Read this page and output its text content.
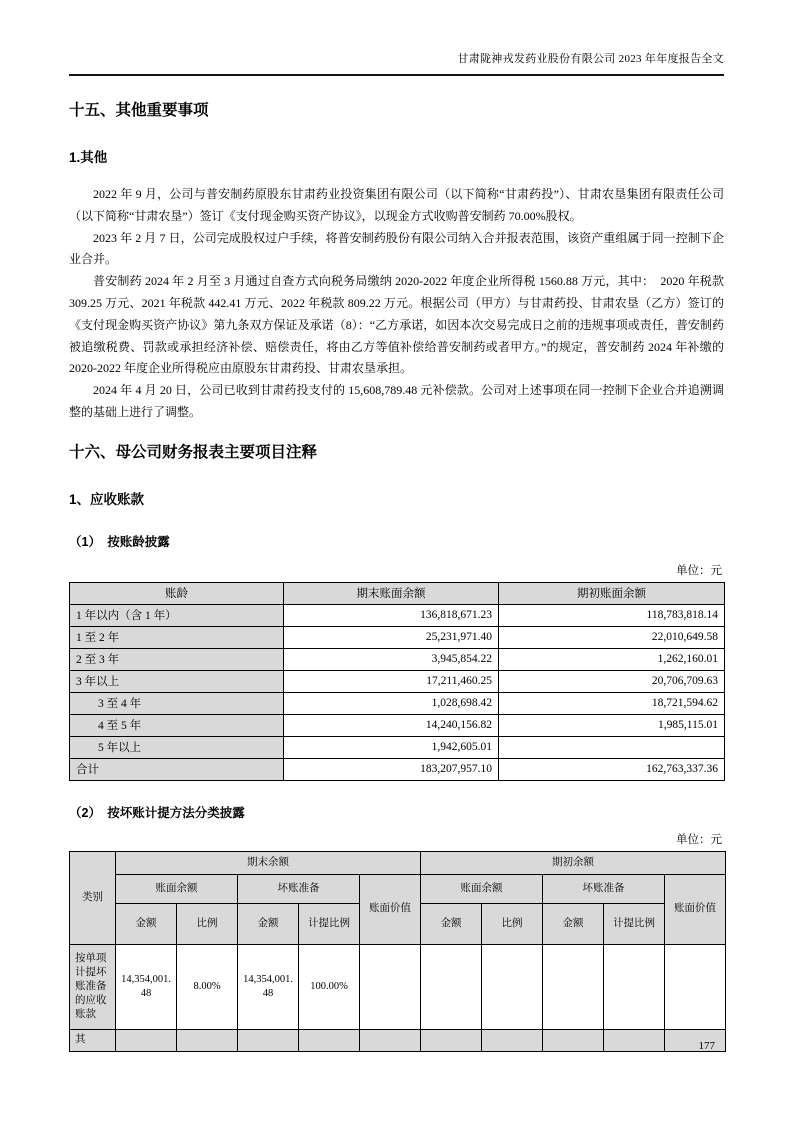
甘肃陇神戎发药业股份有限公司 2023 年年度报告全文
十五、其他重要事项
1.其他

2022 年 9 月，公司与普安制药原股东甘肃药业投资集团有限公司（以下简称“甘肃药投”）、甘肃农垦集团有限责任公司（以下简称“甘肃农垦”）签订《支付现金购买资产协议》，以现金方式收购普安制药 70.00%股权。

2023 年 2 月 7 日，公司完成股权过户手续，将普安制药股份有限公司纳入合并报表范围，该资产重组属于同一控制下企业合并。

普安制药 2024 年 2 月至 3 月通过自查方式向税务局缴纳 2020-2022 年度企业所得税 1560.88 万元，其中：　2020 年税款 309.25 万元、2021 年税款 442.41 万元、2022 年税款 809.22 万元。根据公司（甲方）与甘肃药投、甘肃农垦（乙方）签订的《支付现金购买资产协议》第九条双方保证及承诺（8）：“乙方承诺，如因本次交易完成日之前的违规事项或责任，普安制药被追缴税费、罚款或承担经济补偿、赔偿责任，将由乙方等值补偿给普安制药或者甲方。”的规定，普安制药 2024 年补缴的 2020-2022 年度企业所得税应由原股东甘肃药投、甘肃农垦承担。

2024 年 4 月 20 日，公司已收到甘肃药投支付的 15,608,789.48 元补偿款。公司对上述事项在同一控制下企业合并追溯调整的基础上进行了调整。

十六、母公司财务报表主要项目注释
1、应收账款
（1）　按账龄披露
单位：元
账龄	期末账面余额	期初账面余额
1 年以内（含 1 年）	136,818,671.23	118,783,818.14
1 至 2 年	25,231,971.40	22,010,649.58
2 至 3 年	3,945,854.22	1,262,160.01
3 年以上	17,211,460.25	20,706,709.63
3 至 4 年	1,028,698.42	18,721,594.62
4 至 5 年	14,240,156.82	1,985,115.01
5 年以上	1,942,605.01	
合计	183,207,957.10	162,763,337.36
（2）　按坏账计提方法分类披露
单位：元
类别	期末余额					期初余额				
	账面余额		坏账准备		账面价值	账面余额		坏账准备		账面价值
	金额	比例	金额	计提比例		金额	比例	金额	计提比例	
按单项计提坏账准备的应收账款	14,354,001.48	8.00%	14,354,001.48	100.00%						
其										
177
